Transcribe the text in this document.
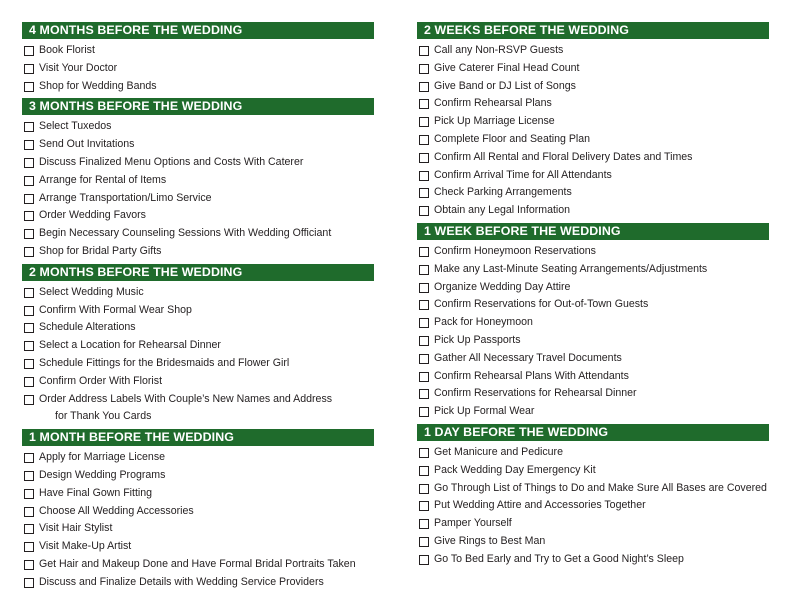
4 MONTHS BEFORE THE WEDDING
Book Florist
Visit Your Doctor
Shop for Wedding Bands
3 MONTHS BEFORE THE WEDDING
Select Tuxedos
Send Out Invitations
Discuss Finalized Menu Options and Costs With Caterer
Arrange for Rental of Items
Arrange Transportation/Limo Service
Order Wedding Favors
Begin Necessary Counseling Sessions With Wedding Officiant
Shop for Bridal Party Gifts
2 MONTHS BEFORE THE WEDDING
Select Wedding Music
Confirm With Formal Wear Shop
Schedule Alterations
Select a Location for Rehearsal Dinner
Schedule Fittings for the Bridesmaids and Flower Girl
Confirm Order With Florist
Order Address Labels With Couple’s New Names and Address
for Thank You Cards
1 MONTH BEFORE THE WEDDING
Apply for Marriage License
Design Wedding Programs
Have Final Gown Fitting
Choose All Wedding Accessories
Visit Hair Stylist
Visit Make-Up Artist
Get Hair and Makeup Done and Have Formal Bridal Portraits Taken
Discuss and Finalize Details with Wedding Service Providers
2 WEEKS BEFORE THE WEDDING
Call any Non-RSVP Guests
Give Caterer Final Head Count
Give Band or DJ List of Songs
Confirm Rehearsal Plans
Pick Up Marriage License
Complete Floor and Seating Plan
Confirm All Rental and Floral Delivery Dates and Times
Confirm Arrival Time for All Attendants
Check Parking Arrangements
Obtain any Legal Information
1 WEEK BEFORE THE WEDDING
Confirm Honeymoon Reservations
Make any Last-Minute Seating Arrangements/Adjustments
Organize Wedding Day Attire
Confirm Reservations for Out-of-Town Guests
Pack for Honeymoon
Pick Up Passports
Gather All Necessary Travel Documents
Confirm Rehearsal Plans With Attendants
Confirm Reservations for Rehearsal Dinner
Pick Up Formal Wear
1 DAY BEFORE THE WEDDING
Get Manicure and Pedicure
Pack Wedding Day Emergency Kit
Go Through List of Things to Do and Make Sure All Bases are Covered
Put Wedding Attire and Accessories Together
Pamper Yourself
Give Rings to Best Man
Go To Bed Early and Try to Get a Good Night’s Sleep
